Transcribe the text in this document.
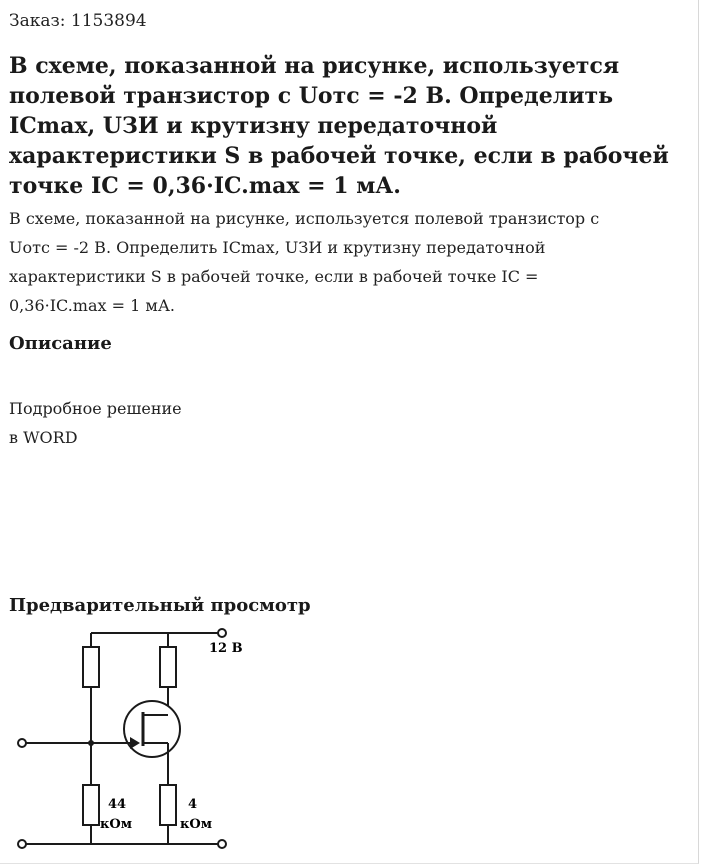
Заказ: 1153894
В схеме, показанной на рисунке, используется полевой транзистор с Uотс = -2 В. Определить ICmax, UЗИ и крутизну передаточной характеристики S в рабочей точке, если в рабочей точке IC = 0,36·IC.max = 1 мА.
В схеме, показанной на рисунке, используется полевой транзистор с
Uотс = -2 В. Определить ICmax, UЗИ и крутизну передаточной
характеристики S в рабочей точке, если в рабочей точке IC =
0,36·IC.max = 1 мА.
Описание
Подробное решение
в WORD
Предварительный просмотр
12 В
44
кОм
4
кОм
